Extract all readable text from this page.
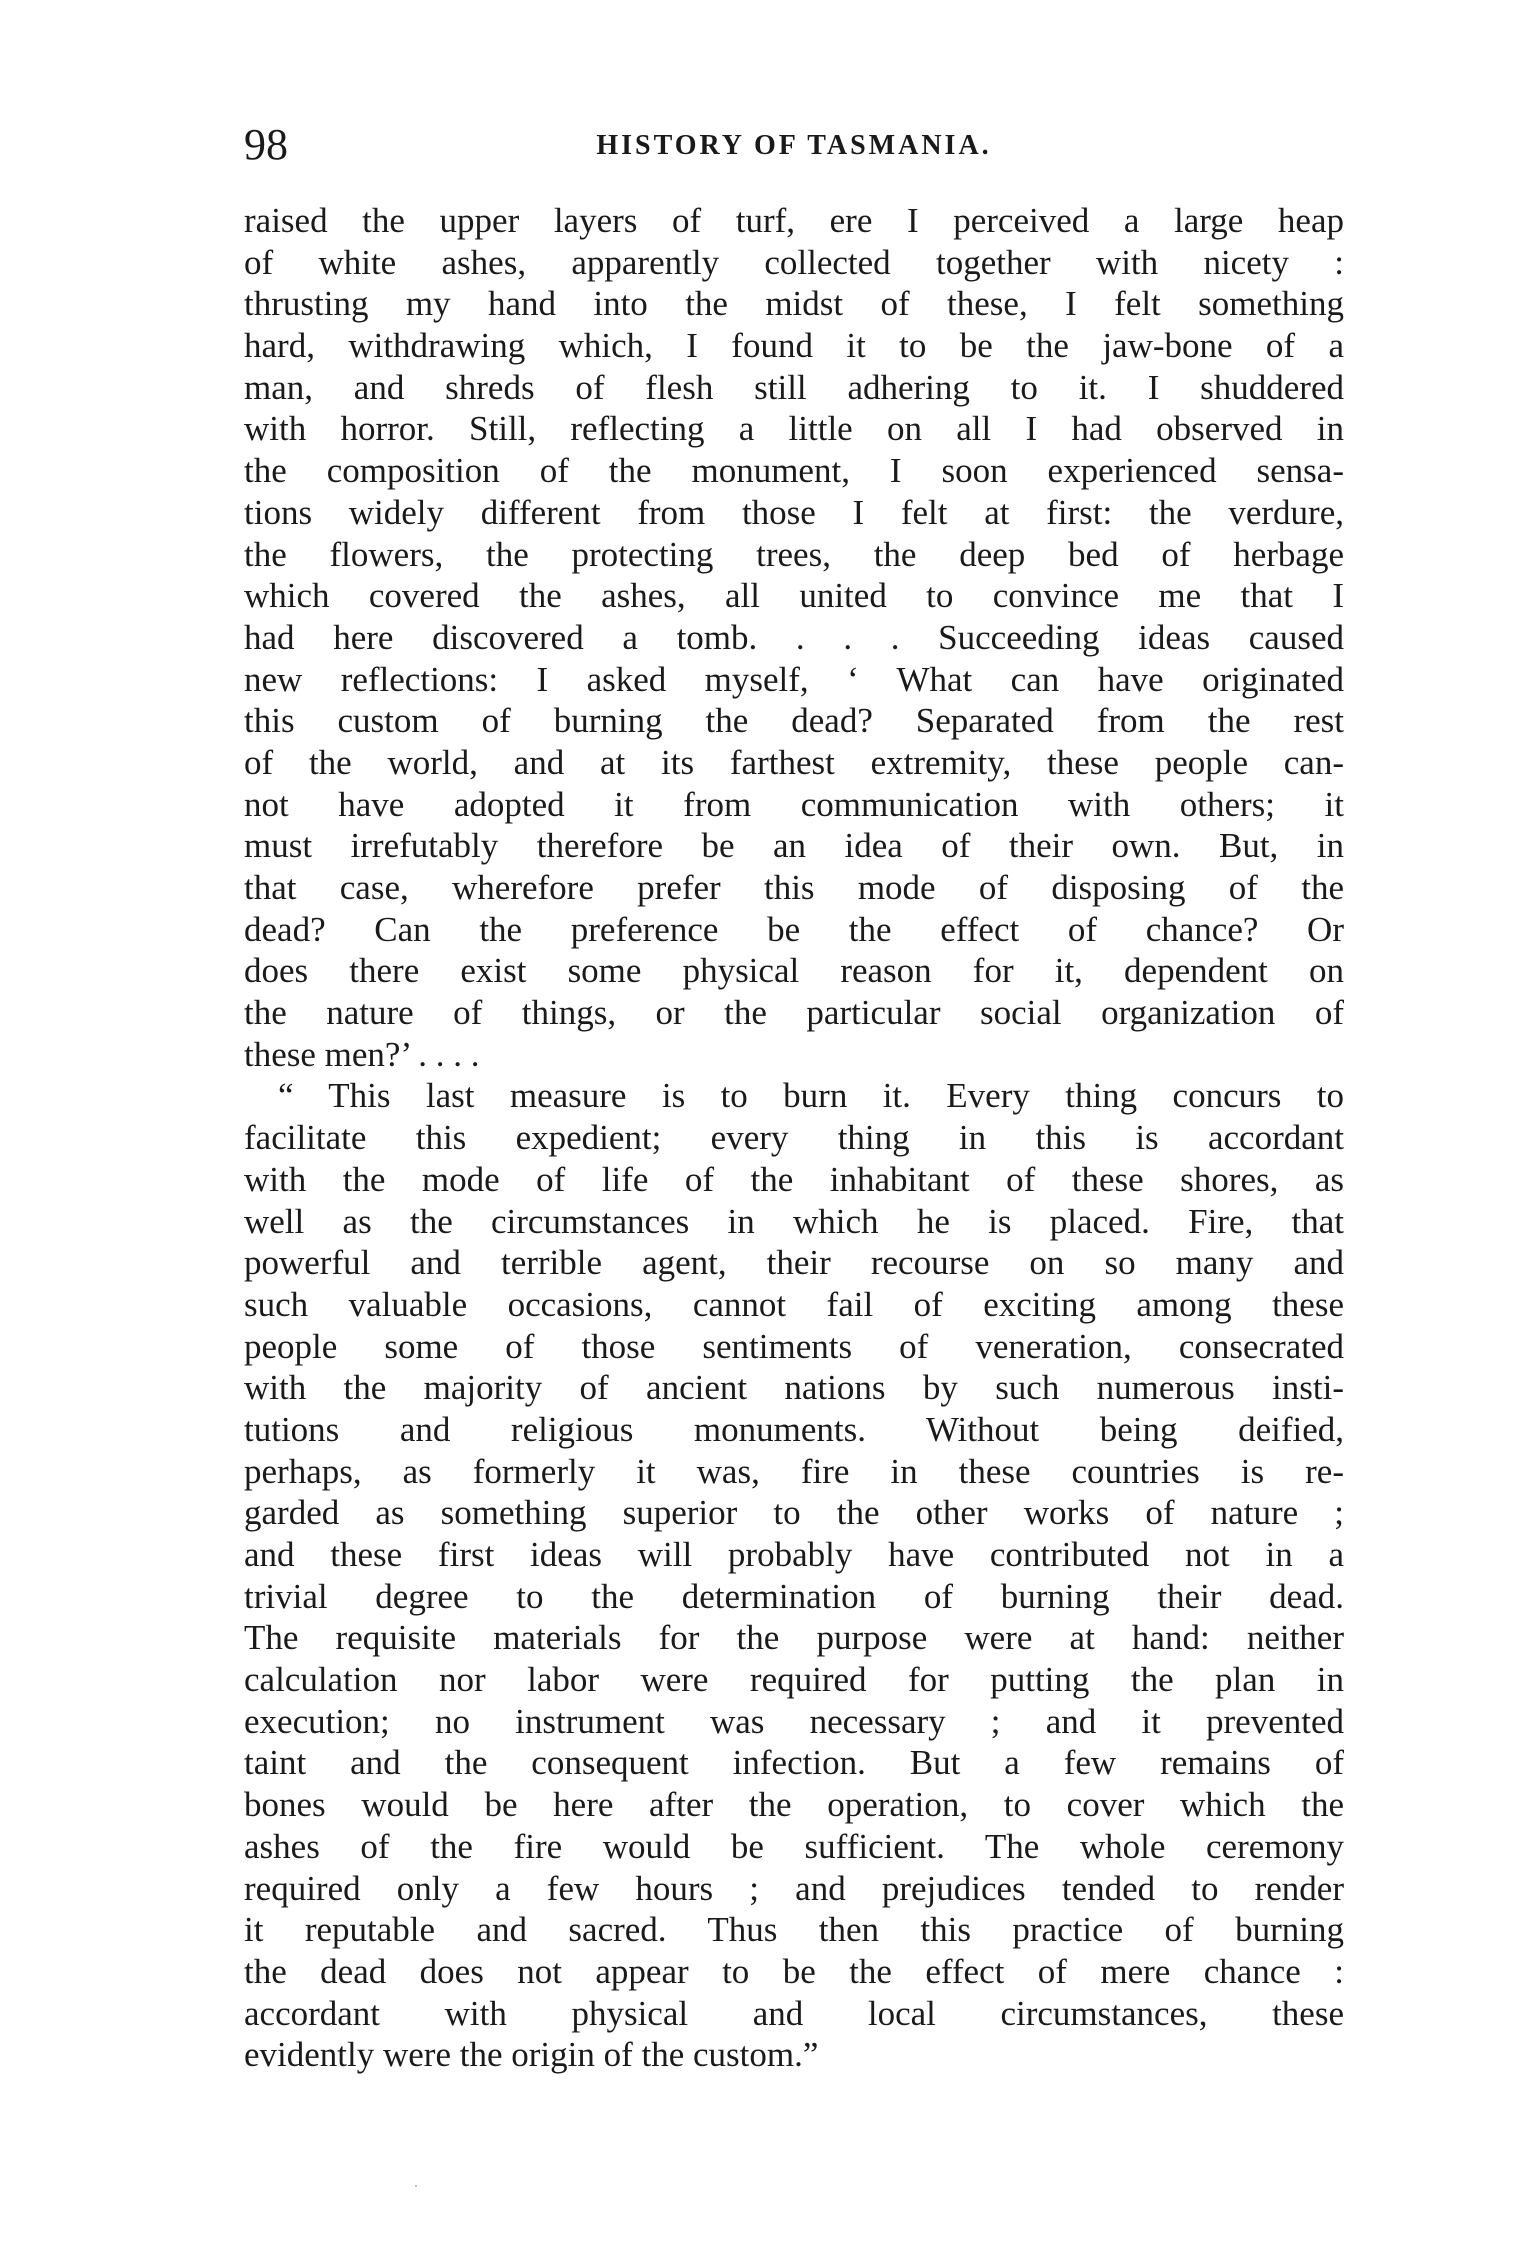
98	HISTORY OF TASMANIA.
raised the upper layers of turf, ere I perceived a large heap
of white ashes, apparently collected together with nicety :
thrusting my hand into the midst of these, I felt something
hard, withdrawing which, I found it to be the jaw-bone of a
man, and shreds of flesh still adhering to it. I shuddered
with horror. Still, reflecting a little on all I had observed in
the composition of the monument, I soon experienced sensa-
tions widely different from those I felt at first: the verdure,
the flowers, the protecting trees, the deep bed of herbage
which covered the ashes, all united to convince me that I
had here discovered a tomb. . . . Succeeding ideas caused
new reflections: I asked myself, ‘ What can have originated
this custom of burning the dead? Separated from the rest
of the world, and at its farthest extremity, these people can-
not have adopted it from communication with others; it
must irrefutably therefore be an idea of their own. But, in
that case, wherefore prefer this mode of disposing of the
dead? Can the preference be the effect of chance? Or
does there exist some physical reason for it, dependent on
the nature of things, or the particular social organization of
these men?’ . . . .
“ This last measure is to burn it. Every thing concurs to
facilitate this expedient; every thing in this is accordant
with the mode of life of the inhabitant of these shores, as
well as the circumstances in which he is placed. Fire, that
powerful and terrible agent, their recourse on so many and
such valuable occasions, cannot fail of exciting among these
people some of those sentiments of veneration, consecrated
with the majority of ancient nations by such numerous insti-
tutions and religious monuments. Without being deified,
perhaps, as formerly it was, fire in these countries is re-
garded as something superior to the other works of nature ;
and these first ideas will probably have contributed not in a
trivial degree to the determination of burning their dead.
The requisite materials for the purpose were at hand: neither
calculation nor labor were required for putting the plan in
execution; no instrument was necessary ; and it prevented
taint and the consequent infection. But a few remains of
bones would be here after the operation, to cover which the
ashes of the fire would be sufficient. The whole ceremony
required only a few hours ; and prejudices tended to render
it reputable and sacred. Thus then this practice of burning
the dead does not appear to be the effect of mere chance :
accordant with physical and local circumstances, these
evidently were the origin of the custom.”
